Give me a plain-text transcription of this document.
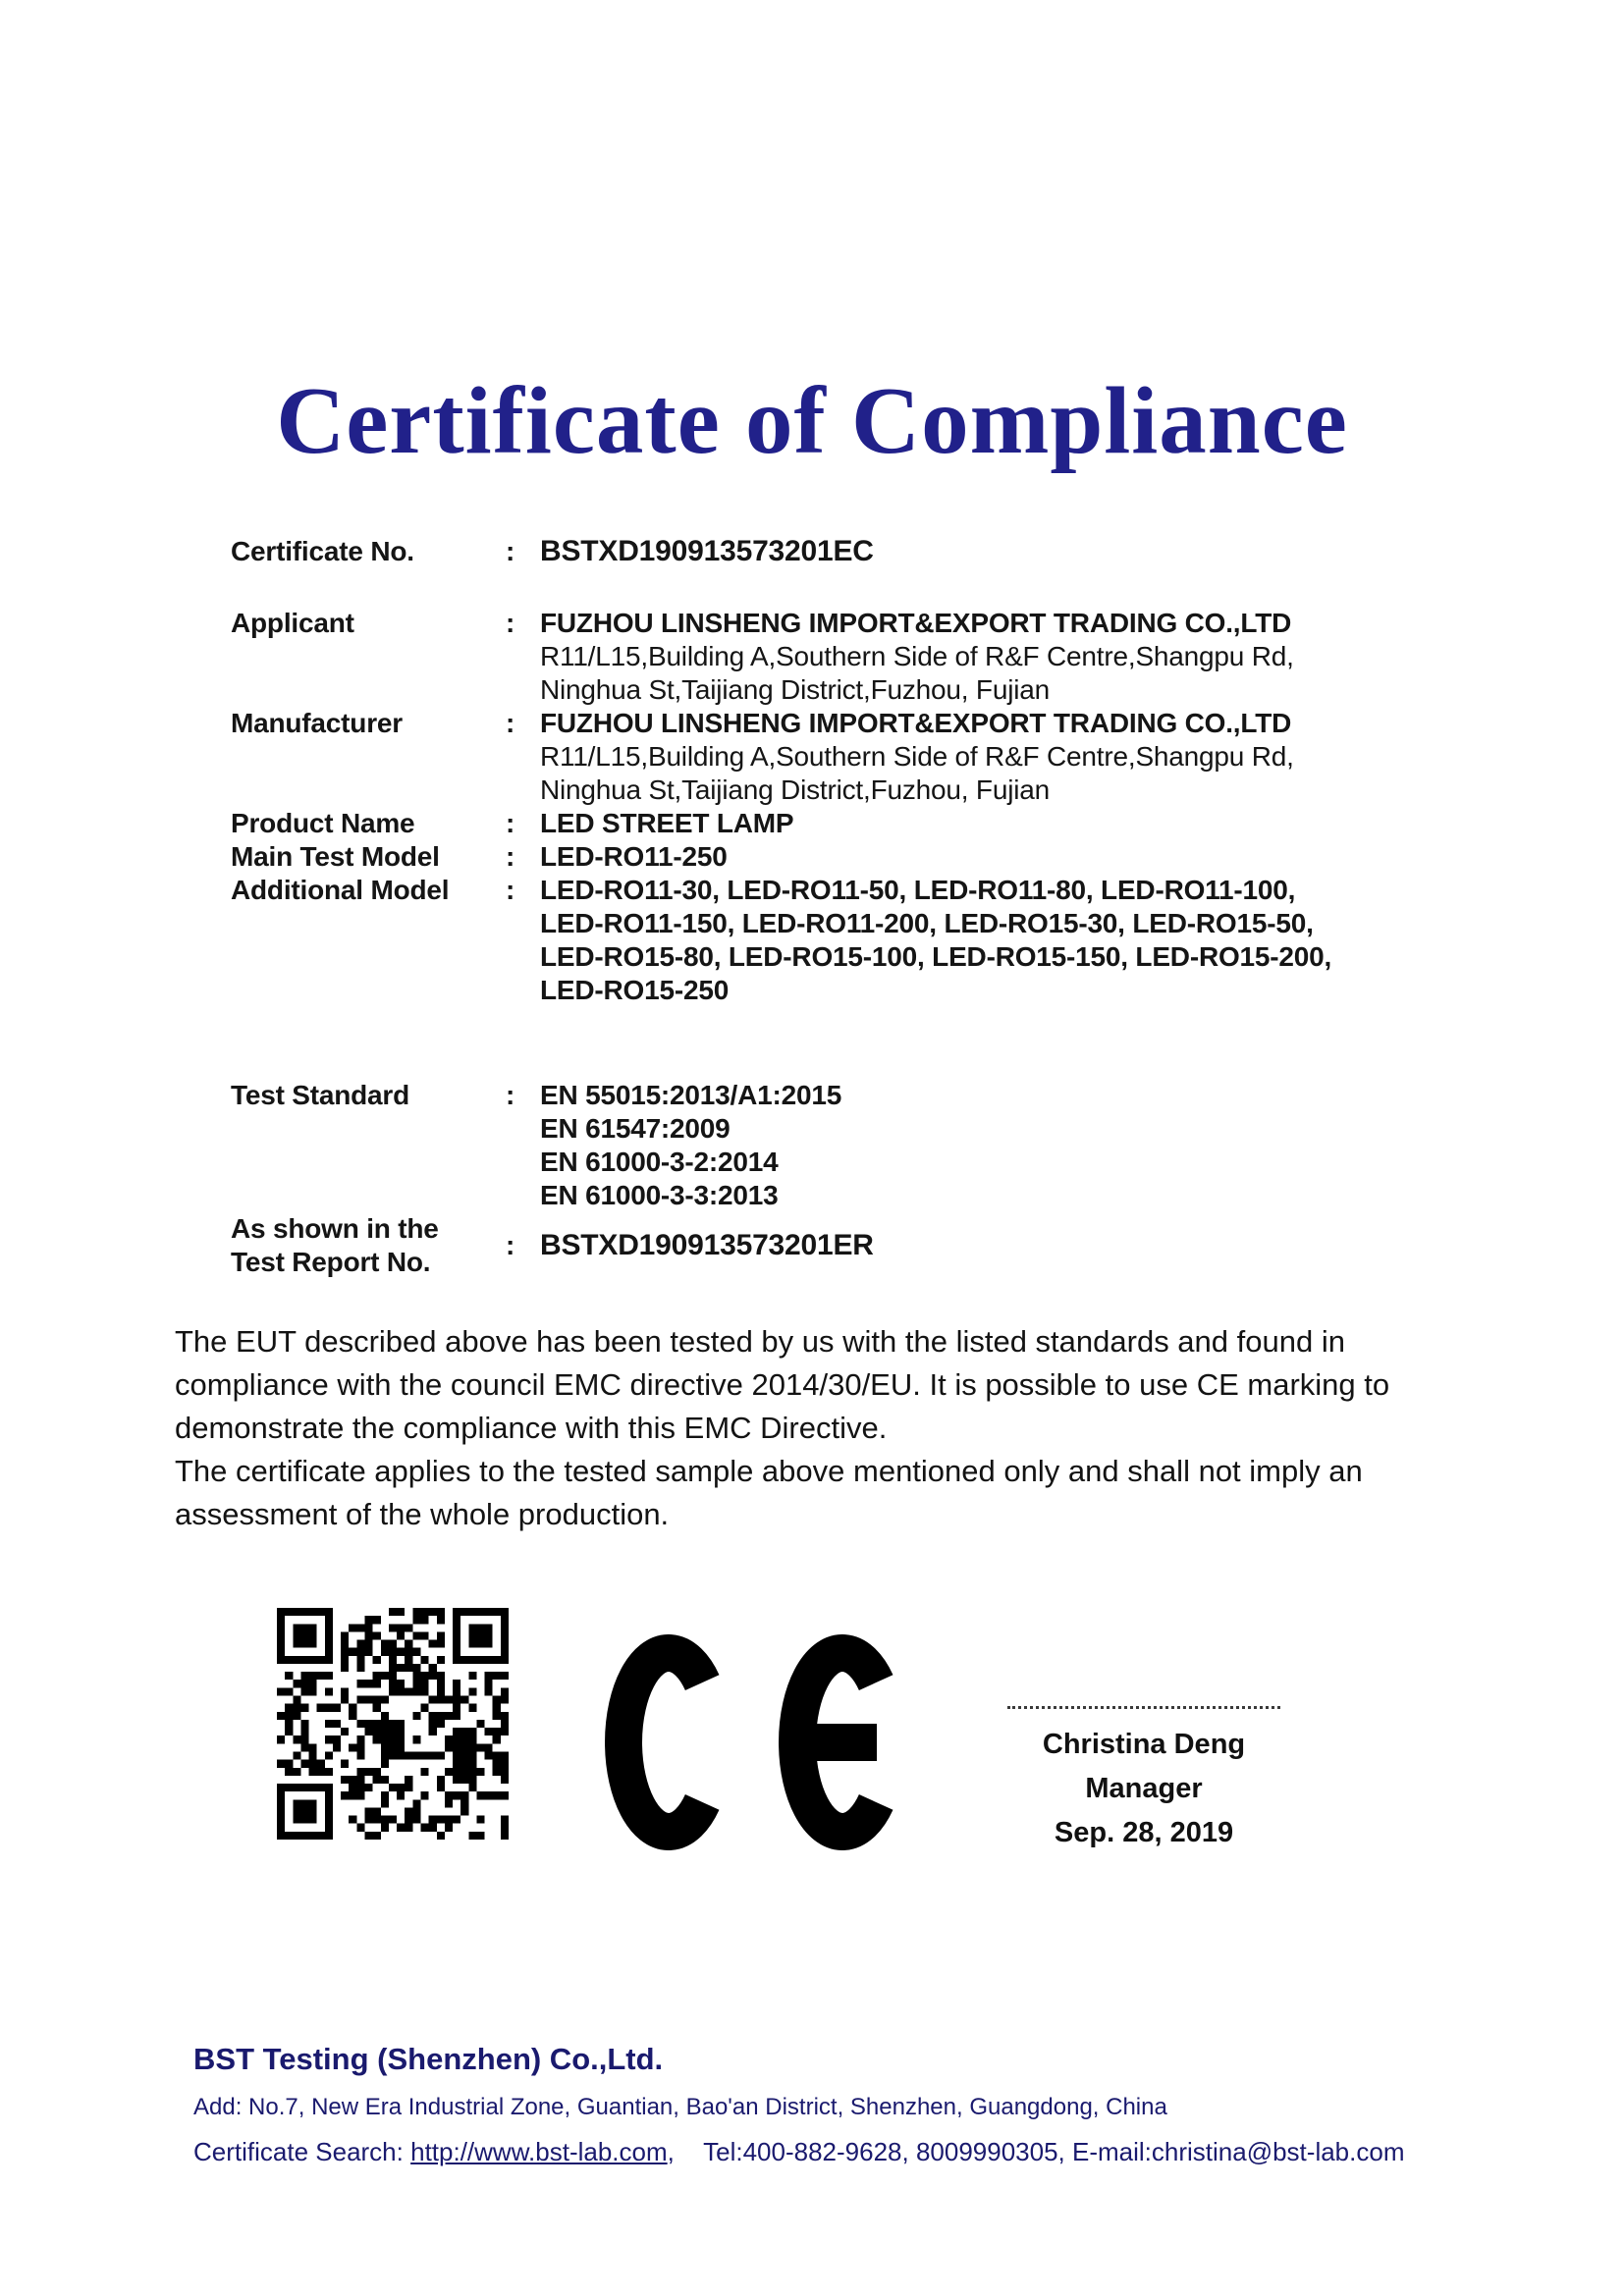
Certificate of Compliance
Certificate No.	: BSTXD190913573201EC
Applicant	: FUZHOU LINSHENG IMPORT&EXPORT TRADING CO.,LTD
R11/L15,Building A,Southern Side of R&F Centre,Shangpu Rd,
Ninghua St,Taijiang District,Fuzhou, Fujian
Manufacturer	: FUZHOU LINSHENG IMPORT&EXPORT TRADING CO.,LTD
R11/L15,Building A,Southern Side of R&F Centre,Shangpu Rd,
Ninghua St,Taijiang District,Fuzhou, Fujian
Product Name	: LED STREET LAMP
Main Test Model	: LED-RO11-250
Additional Model	: LED-RO11-30, LED-RO11-50, LED-RO11-80, LED-RO11-100,
LED-RO11-150, LED-RO11-200, LED-RO15-30, LED-RO15-50,
LED-RO15-80, LED-RO15-100, LED-RO15-150, LED-RO15-200,
LED-RO15-250
Test Standard	: EN 55015:2013/A1:2015
EN 61547:2009
EN 61000-3-2:2014
EN 61000-3-3:2013
As shown in the
Test Report No.
: BSTXD190913573201ER

The EUT described above has been tested by us with the listed standards and found in compliance with the council EMC directive 2014/30/EU. It is possible to use CE marking to demonstrate the compliance with this EMC Directive.

The certificate applies to the tested sample above mentioned only and shall not imply an assessment of the whole production.

Christina Deng
Manager
Sep. 28, 2019
BST Testing (Shenzhen) Co.,Ltd.
Add: No.7, New Era Industrial Zone, Guantian, Bao'an District, Shenzhen, Guangdong, China
Certificate Search: http://www.bst-lab.com, Tel:400-882-9628, 8009990305, E-mail:christina@bst-lab.com
